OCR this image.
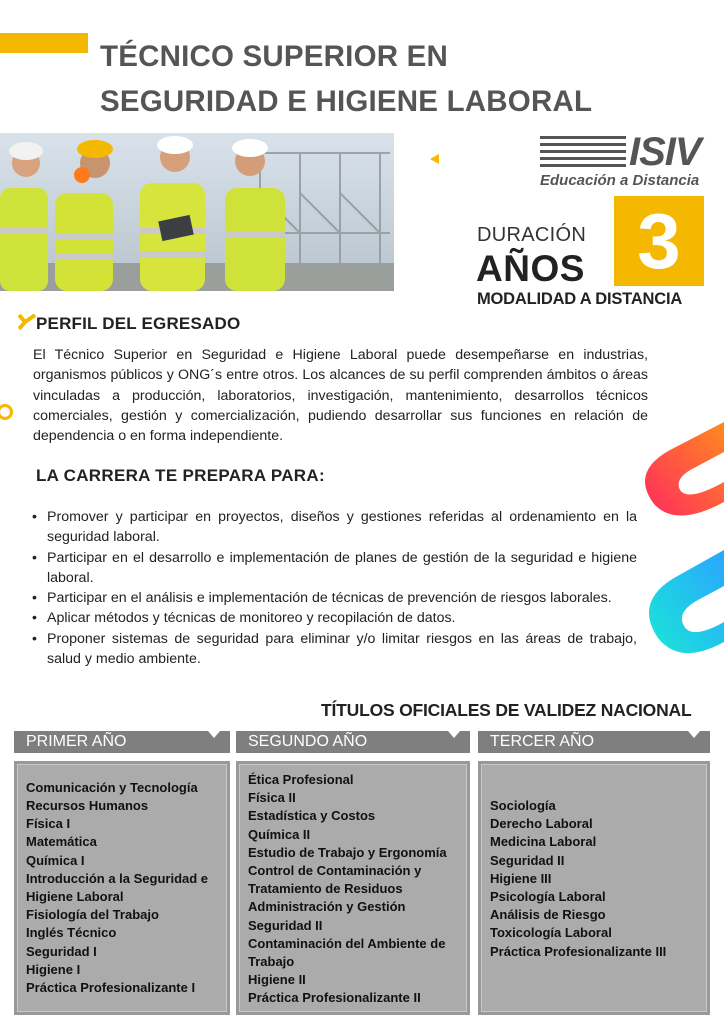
TÉCNICO SUPERIOR EN
SEGURIDAD E HIGIENE LABORAL
ISIV
Educación a Distancia
DURACIÓN
AÑOS 3
MODALIDAD A DISTANCIA
PERFIL DEL EGRESADO

El Técnico Superior en Seguridad e Higiene Laboral puede desempeñarse en industrias, organismos públicos y ONG´s entre otros. Los alcances de su perfil comprenden ámbitos o áreas vinculadas a producción, laboratorios, investigación, mantenimiento, desarrollos técnicos comerciales, gestión y comercialización, pudiendo desarrollar sus funciones en relación de dependencia o en forma independiente.

LA CARRERA TE PREPARA PARA:
• Promover y participar en proyectos, diseños y gestiones referidas al ordenamiento en la seguridad laboral.
• Participar en el desarrollo e implementación de planes de gestión de la seguridad e higiene laboral.
• Participar en el análisis e implementación de técnicas de prevención de riesgos laborales.
• Aplicar métodos y técnicas de monitoreo y recopilación de datos.
• Proponer sistemas de seguridad para eliminar y/o limitar riesgos en las áreas de trabajo, salud y medio ambiente.
TÍTULOS OFICIALES DE VALIDEZ NACIONAL
PRIMER AÑO	SEGUNDO AÑO	TERCER AÑO
Comunicación y Tecnología
Recursos Humanos
Física I
Matemática
Química I
Introducción a la Seguridad e Higiene Laboral
Fisiología del Trabajo
Inglés Técnico
Seguridad I
Higiene I
Práctica Profesionalizante I
Ética Profesional
Física II
Estadística y Costos
Química II
Estudio de Trabajo y Ergonomía
Control de Contaminación y Tratamiento de Residuos
Administración y Gestión Seguridad II
Contaminación del Ambiente de Trabajo
Higiene II
Práctica Profesionalizante II
Sociología
Derecho Laboral
Medicina Laboral
Seguridad II
Higiene III
Psicología Laboral
Análisis de Riesgo
Toxicología Laboral
Práctica Profesionalizante III
